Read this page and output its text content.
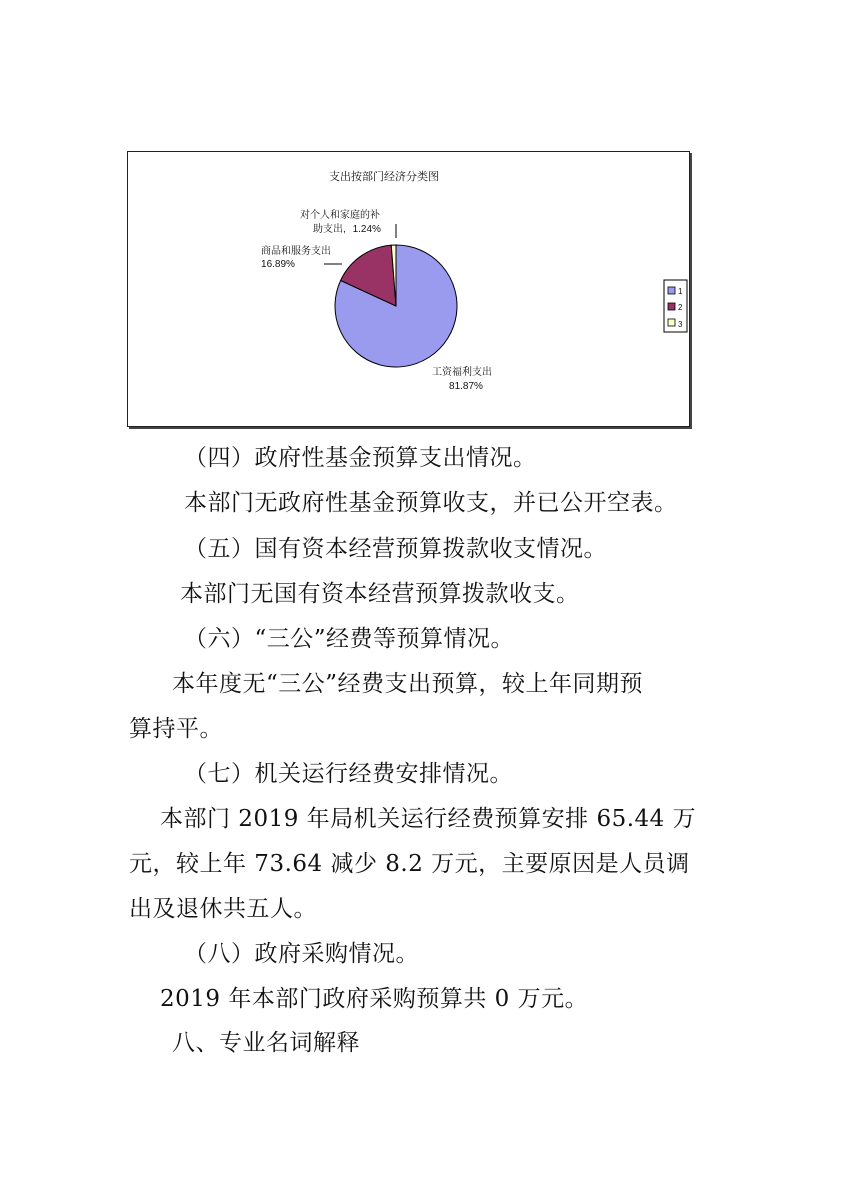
支出按部门经济分类图
对个人和家庭的补
助支出, 1.24%
商品和服务支出
16.89%
工资福利支出
81.87%
1
2
3
（四）政府性基金预算支出情况。
本部门无政府性基金预算收支，并已公开空表。
（五）国有资本经营预算拨款收支情况。
本部门无国有资本经营预算拨款收支。
（六）“三公”经费等预算情况。
本年度无“三公”经费支出预算，较上年同期预
算持平。
（七）机关运行经费安排情况。
本部门 2019 年局机关运行经费预算安排 65.44 万
元，较上年 73.64 减少 8.2 万元，主要原因是人员调
出及退休共五人。
（八）政府采购情况。
2019 年本部门政府采购预算共 0 万元。
八、专业名词解释
